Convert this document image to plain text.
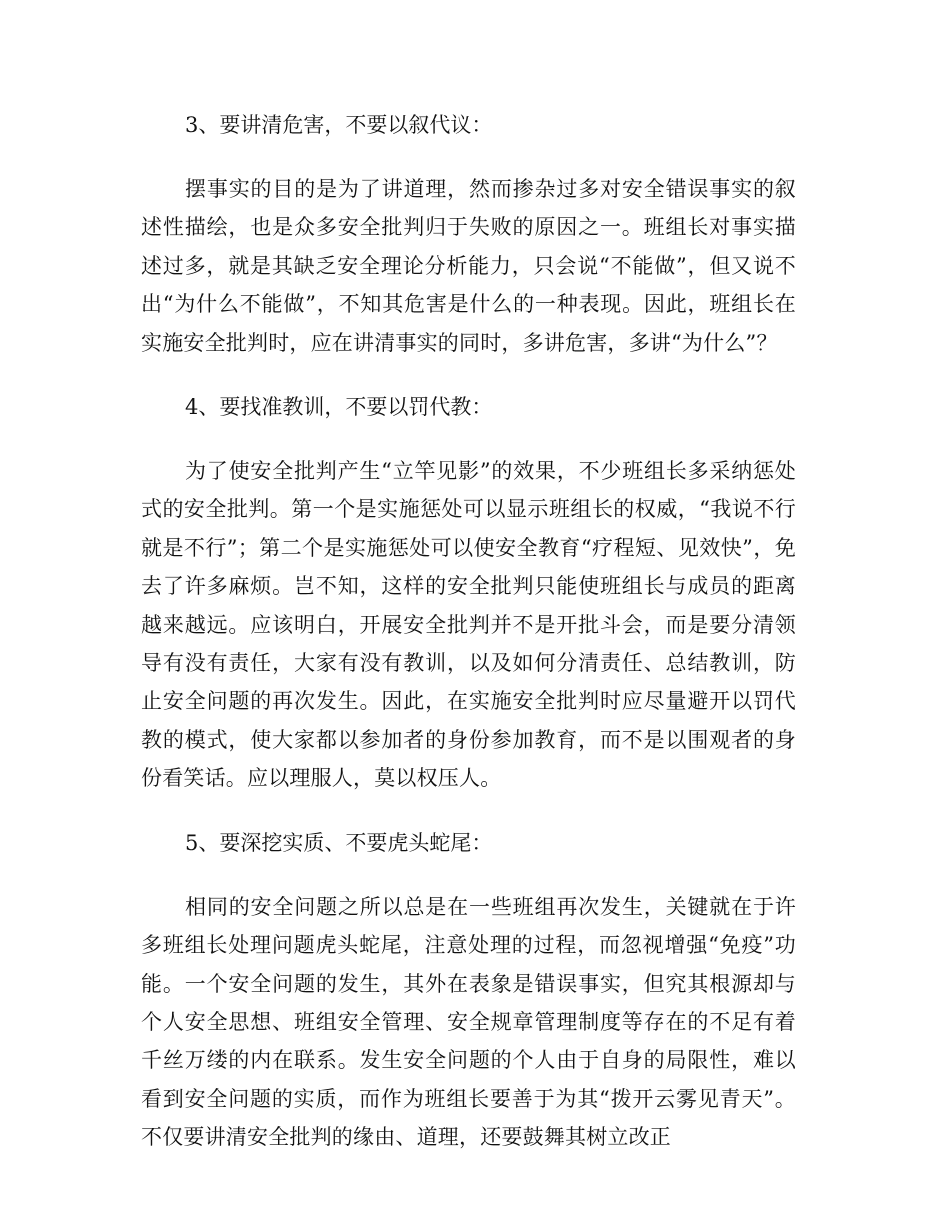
3、要讲清危害，不要以叙代议：

摆事实的目的是为了讲道理，然而掺杂过多对安全错误事实的叙述性描绘，也是众多安全批判归于失败的原因之一。班组长对事实描述过多，就是其缺乏安全理论分析能力，只会说“不能做”，但又说不出“为什么不能做”，不知其危害是什么的一种表现。因此，班组长在实施安全批判时，应在讲清事实的同时，多讲危害，多讲“为什么”？

4、要找准教训，不要以罚代教：

为了使安全批判产生“立竿见影”的效果，不少班组长多采纳惩处式的安全批判。第一个是实施惩处可以显示班组长的权威，“我说不行就是不行”；第二个是实施惩处可以使安全教育“疗程短、见效快”，免去了许多麻烦。岂不知，这样的安全批判只能使班组长与成员的距离越来越远。应该明白，开展安全批判并不是开批斗会，而是要分清领导有没有责任，大家有没有教训，以及如何分清责任、总结教训，防止安全问题的再次发生。因此，在实施安全批判时应尽量避开以罚代教的模式，使大家都以参加者的身份参加教育，而不是以围观者的身份看笑话。应以理服人，莫以权压人。

5、要深挖实质、不要虎头蛇尾：

相同的安全问题之所以总是在一些班组再次发生，关键就在于许多班组长处理问题虎头蛇尾，注意处理的过程，而忽视增强“免疫”功能。一个安全问题的发生，其外在表象是错误事实，但究其根源却与个人安全思想、班组安全管理、安全规章管理制度等存在的不足有着千丝万缕的内在联系。发生安全问题的个人由于自身的局限性，难以看到安全问题的实质，而作为班组长要善于为其“拨开云雾见青天”。不仅要讲清安全批判的缘由、道理，还要鼓舞其树立改正
